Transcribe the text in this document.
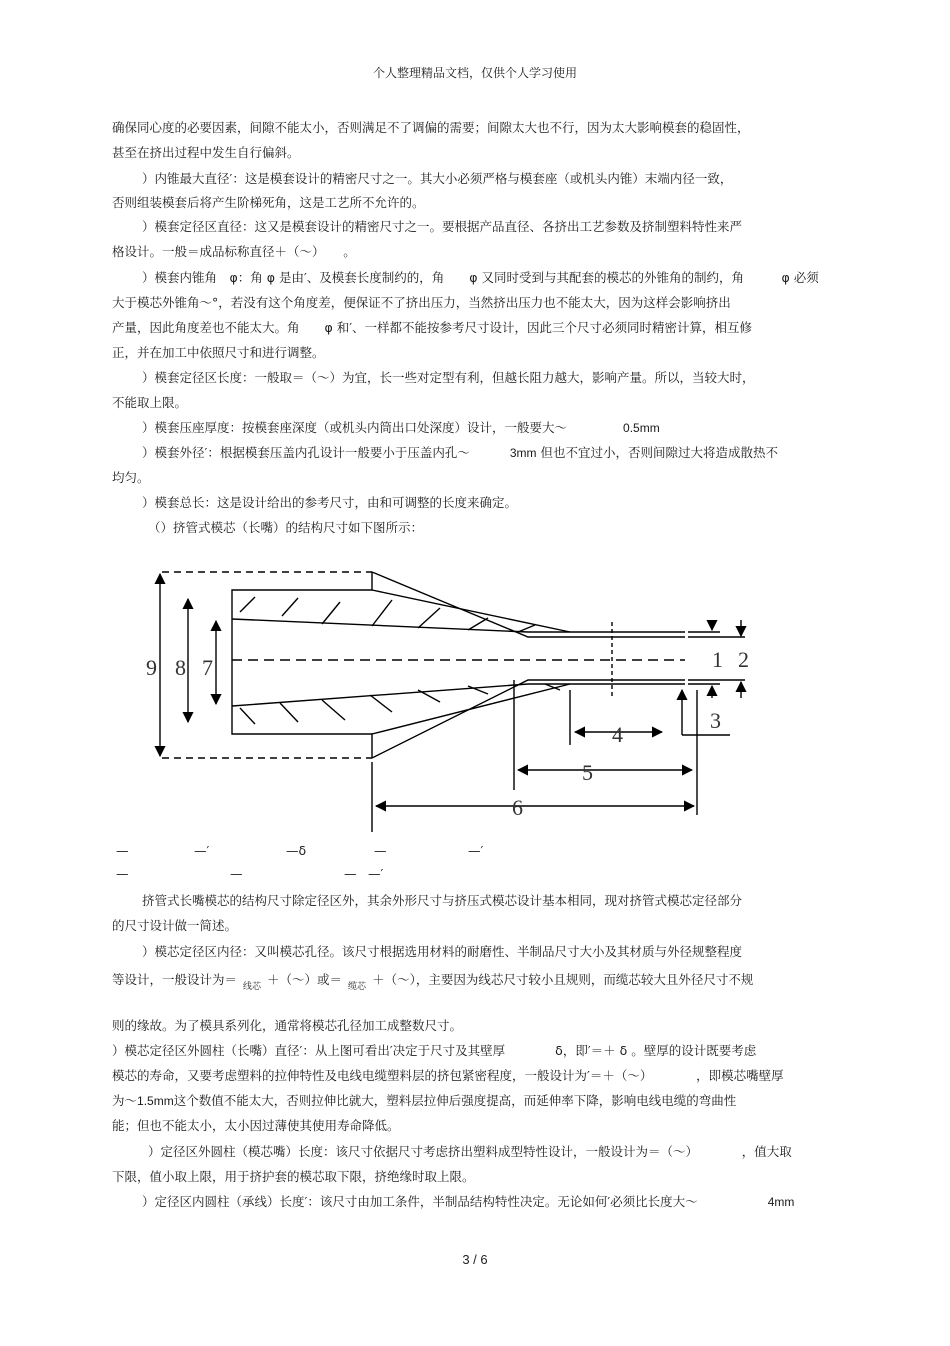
个人整理精品文档，仅供个人学习使用
确保同心度的必要因素，间隙不能太小，否则满足不了调偏的需要；间隙太大也不行，因为太大影响模套的稳固性，
甚至在挤出过程中发生自行偏斜。
）内锥最大直径′：这是模套设计的精密尺寸之一。其大小必须严格与模套座（或机头内锥）末端内径一致，
否则组装模套后将产生阶梯死角，这是工艺所不允许的。
）模套定径区直径：这又是模套设计的精密尺寸之一。要根据产品直径、各挤出工艺参数及挤制塑料特性来严
格设计。一般＝成品标称直径＋（～）　　。
）模套内锥角　φ：角 φ 是由′、及模套长度制约的，角　　φ 又同时受到与其配套的模芯的外锥角的制约，角　　　φ 必须
大于模芯外锥角～°，若没有这个角度差，便保证不了挤出压力，当然挤出压力也不能太大，因为这样会影响挤出
产量，因此角度差也不能太大。角　　φ 和′、一样都不能按参考尺寸设计，因此三个尺寸必须同时精密计算，相互修
正，并在加工中依照尺寸和进行调整。
）模套定径区长度：一般取＝（～）为宜，长一些对定型有利，但越长阻力越大，影响产量。所以，当较大时，
不能取上限。
）模套压座厚度：按模套座深度（或机头内筒出口处深度）设计，一般要大～	0.5mm
）模套外径′：根据模套压盖内孔设计一般要小于压盖内孔～	3mm 但也不宜过小，否则间隙过大将造成散热不
均匀。
）模套总长：这是设计给出的参考尺寸，由和可调整的长度来确定。
（）挤管式模芯（长嘴）的结构尺寸如下图所示：
1 2
3
4
5
6
7
8
9
—	—′	—δ	—	—′
—	—	— —′
挤管式长嘴模芯的结构尺寸除定径区外，其余外形尺寸与挤压式模芯设计基本相同，现对挤管式模芯定径部分
的尺寸设计做一简述。
）模芯定径区内径：又叫模芯孔径。该尺寸根据选用材料的耐磨性、半制品尺寸大小及其材质与外径规整程度
等设计，一般设计为＝ $_{线芯}$ ＋（～）或＝ $_{缆芯}$ ＋（～），主要因为线芯尺寸较小且规则，而缆芯较大且外径尺寸不规
则的缘故。为了模具系列化，通常将模芯孔径加工成整数尺寸。
）模芯定径区外圆柱（长嘴）直径′：从上图可看出′决定于尺寸及其壁厚　　　　δ，即′＝＋ δ 。壁厚的设计既要考虑
模芯的寿命，又要考虑塑料的拉伸特性及电线电缆塑料层的挤包紧密程度，一般设计为′＝＋（～）　　　　，即模芯嘴壁厚
为～1.5mm这个数值不能太大，否则拉伸比就大，塑料层拉伸后强度提高，而延伸率下降，影响电线电缆的弯曲性
能；但也不能太小，太小因过薄使其使用寿命降低。
）定径区外圆柱（模芯嘴）长度：该尺寸依据尺寸考虑挤出塑料成型特性设计，一般设计为＝（～）　　　　，值大取
下限，值小取上限，用于挤护套的模芯取下限，挤绝缘时取上限。
）定径区内圆柱（承线）长度′：该尺寸由加工条件，半制品结构特性决定。无论如何′必须比长度大～	4mm
3 / 6
